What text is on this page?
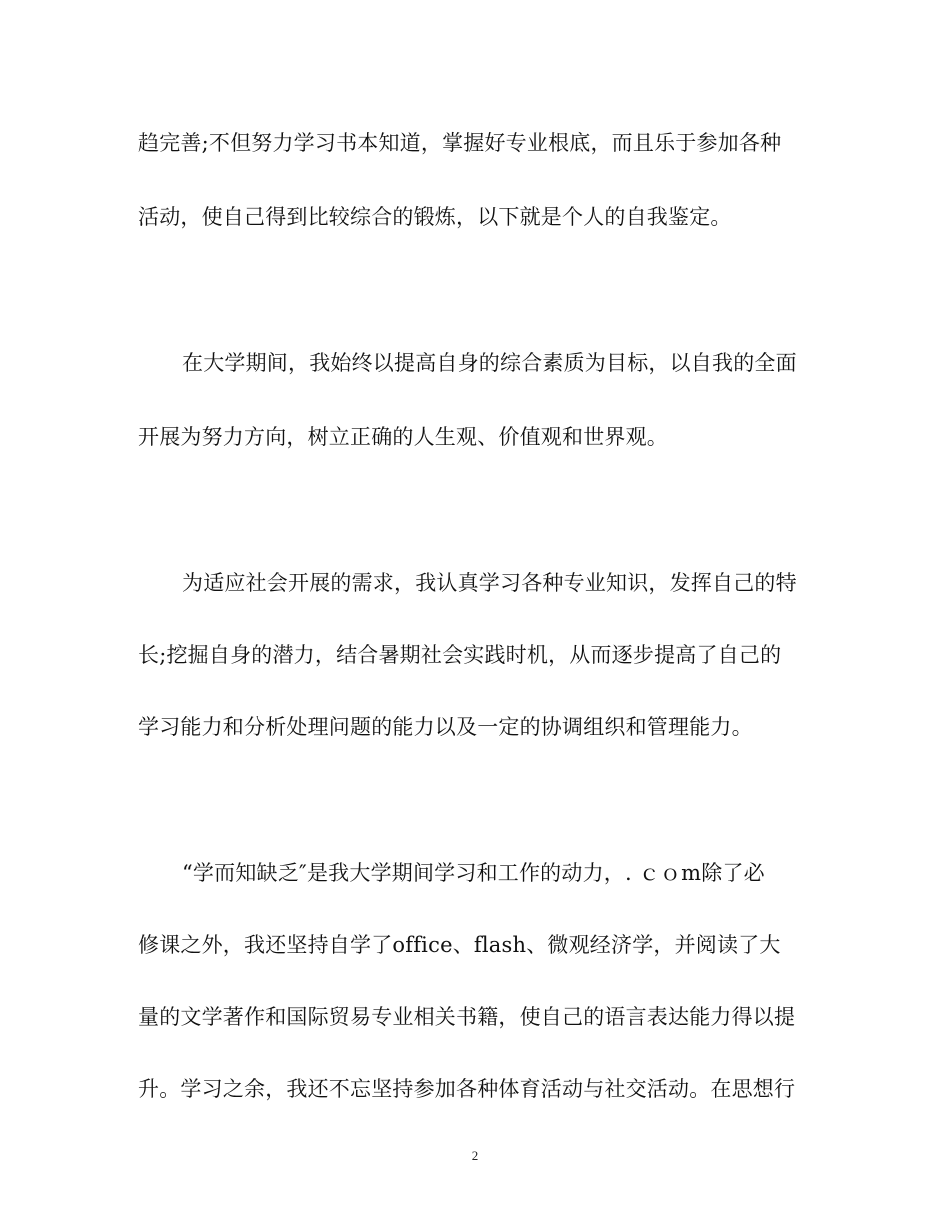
趋完善;不但努力学习书本知道，掌握好专业根底，而且乐于参加各种
活动，使自己得到比较综合的锻炼，以下就是个人的自我鉴定。
在大学期间，我始终以提高自身的综合素质为目标，以自我的全面
开展为努力方向，树立正确的人生观、价值观和世界观。
为适应社会开展的需求，我认真学习各种专业知识，发挥自己的特
长;挖掘自身的潜力，结合暑期社会实践时机，从而逐步提高了自己的
学习能力和分析处理问题的能力以及一定的协调组织和管理能力。
“学而知缺乏″是我大学期间学习和工作的动力，. ｃｏm除了必
修课之外，我还坚持自学了office、flash、微观经济学，并阅读了大
量的文学著作和国际贸易专业相关书籍，使自己的语言表达能力得以提
升。学习之余，我还不忘坚持参加各种体育活动与社交活动。在思想行
2
